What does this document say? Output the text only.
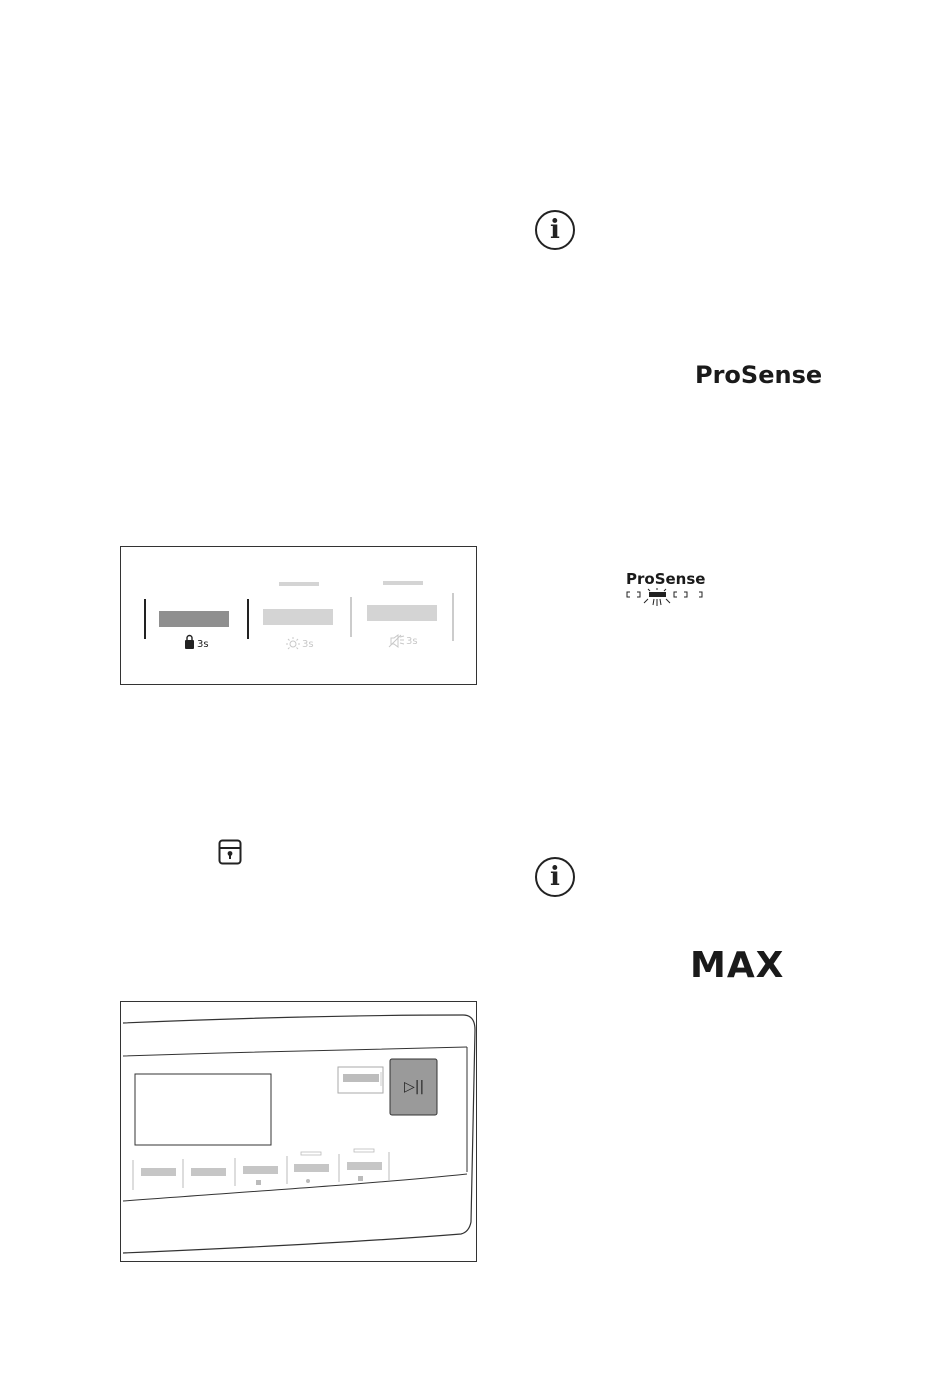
3s	3s	3s
▷||
i
ProSense
ProSense
i
MAX
